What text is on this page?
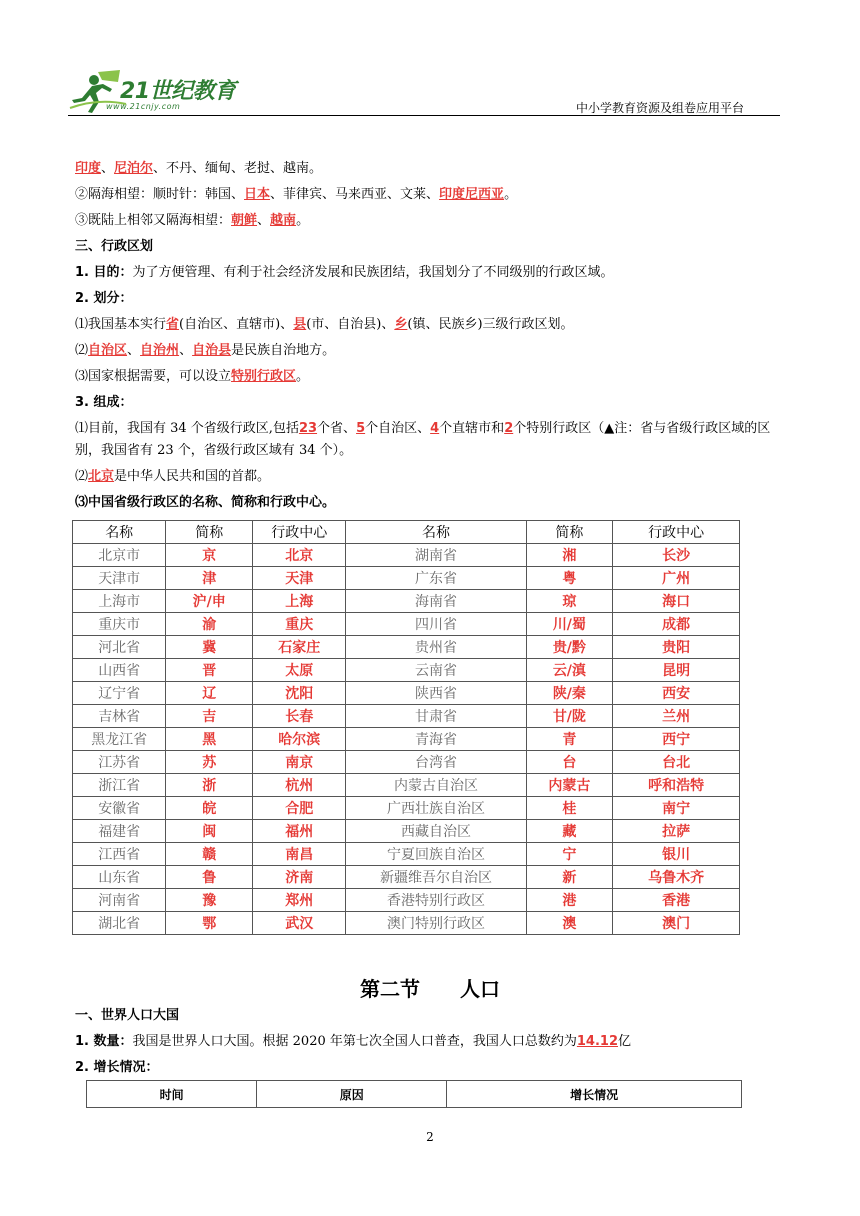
21世纪教育
www.21cnjy.com	中小学教育资源及组卷应用平台
印度、尼泊尔、不丹、缅甸、老挝、越南。
②隔海相望：顺时针：韩国、日本、菲律宾、马来西亚、文莱、印度尼西亚。
③既陆上相邻又隔海相望：朝鲜、越南。
三、行政区划
1. 目的：为了方便管理、有利于社会经济发展和民族团结，我国划分了不同级别的行政区域。
2. 划分：
⑴我国基本实行省(自治区、直辖市)、县(市、自治县)、乡(镇、民族乡)三级行政区划。
⑵自治区、自治州、自治县是民族自治地方。
⑶国家根据需要，可以设立特别行政区。
3. 组成：
⑴目前，我国有 34 个省级行政区,包括23个省、5个自治区、4个直辖市和2个特别行政区（▲注：省与省级行政区域的区别，我国省有 23 个，省级行政区域有 34 个）。
⑵北京是中华人民共和国的首都。
⑶中国省级行政区的名称、简称和行政中心。
名称	简称	行政中心	名称	简称	行政中心
北京市	京	北京	湖南省	湘	长沙
天津市	津	天津	广东省	粤	广州
上海市	沪/申	上海	海南省	琼	海口
重庆市	渝	重庆	四川省	川/蜀	成都
河北省	冀	石家庄	贵州省	贵/黔	贵阳
山西省	晋	太原	云南省	云/滇	昆明
辽宁省	辽	沈阳	陕西省	陕/秦	西安
吉林省	吉	长春	甘肃省	甘/陇	兰州
黑龙江省	黑	哈尔滨	青海省	青	西宁
江苏省	苏	南京	台湾省	台	台北
浙江省	浙	杭州	内蒙古自治区	内蒙古	呼和浩特
安徽省	皖	合肥	广西壮族自治区	桂	南宁
福建省	闽	福州	西藏自治区	藏	拉萨
江西省	赣	南昌	宁夏回族自治区	宁	银川
山东省	鲁	济南	新疆维吾尔自治区	新	乌鲁木齐
河南省	豫	郑州	香港特别行政区	港	香港
湖北省	鄂	武汉	澳门特别行政区	澳	澳门
第二节　　人口
一、世界人口大国
1. 数量：我国是世界人口大国。根据 2020 年第七次全国人口普查，我国人口总数约为14.12亿
2. 增长情况：
时间	原因	增长情况
2
